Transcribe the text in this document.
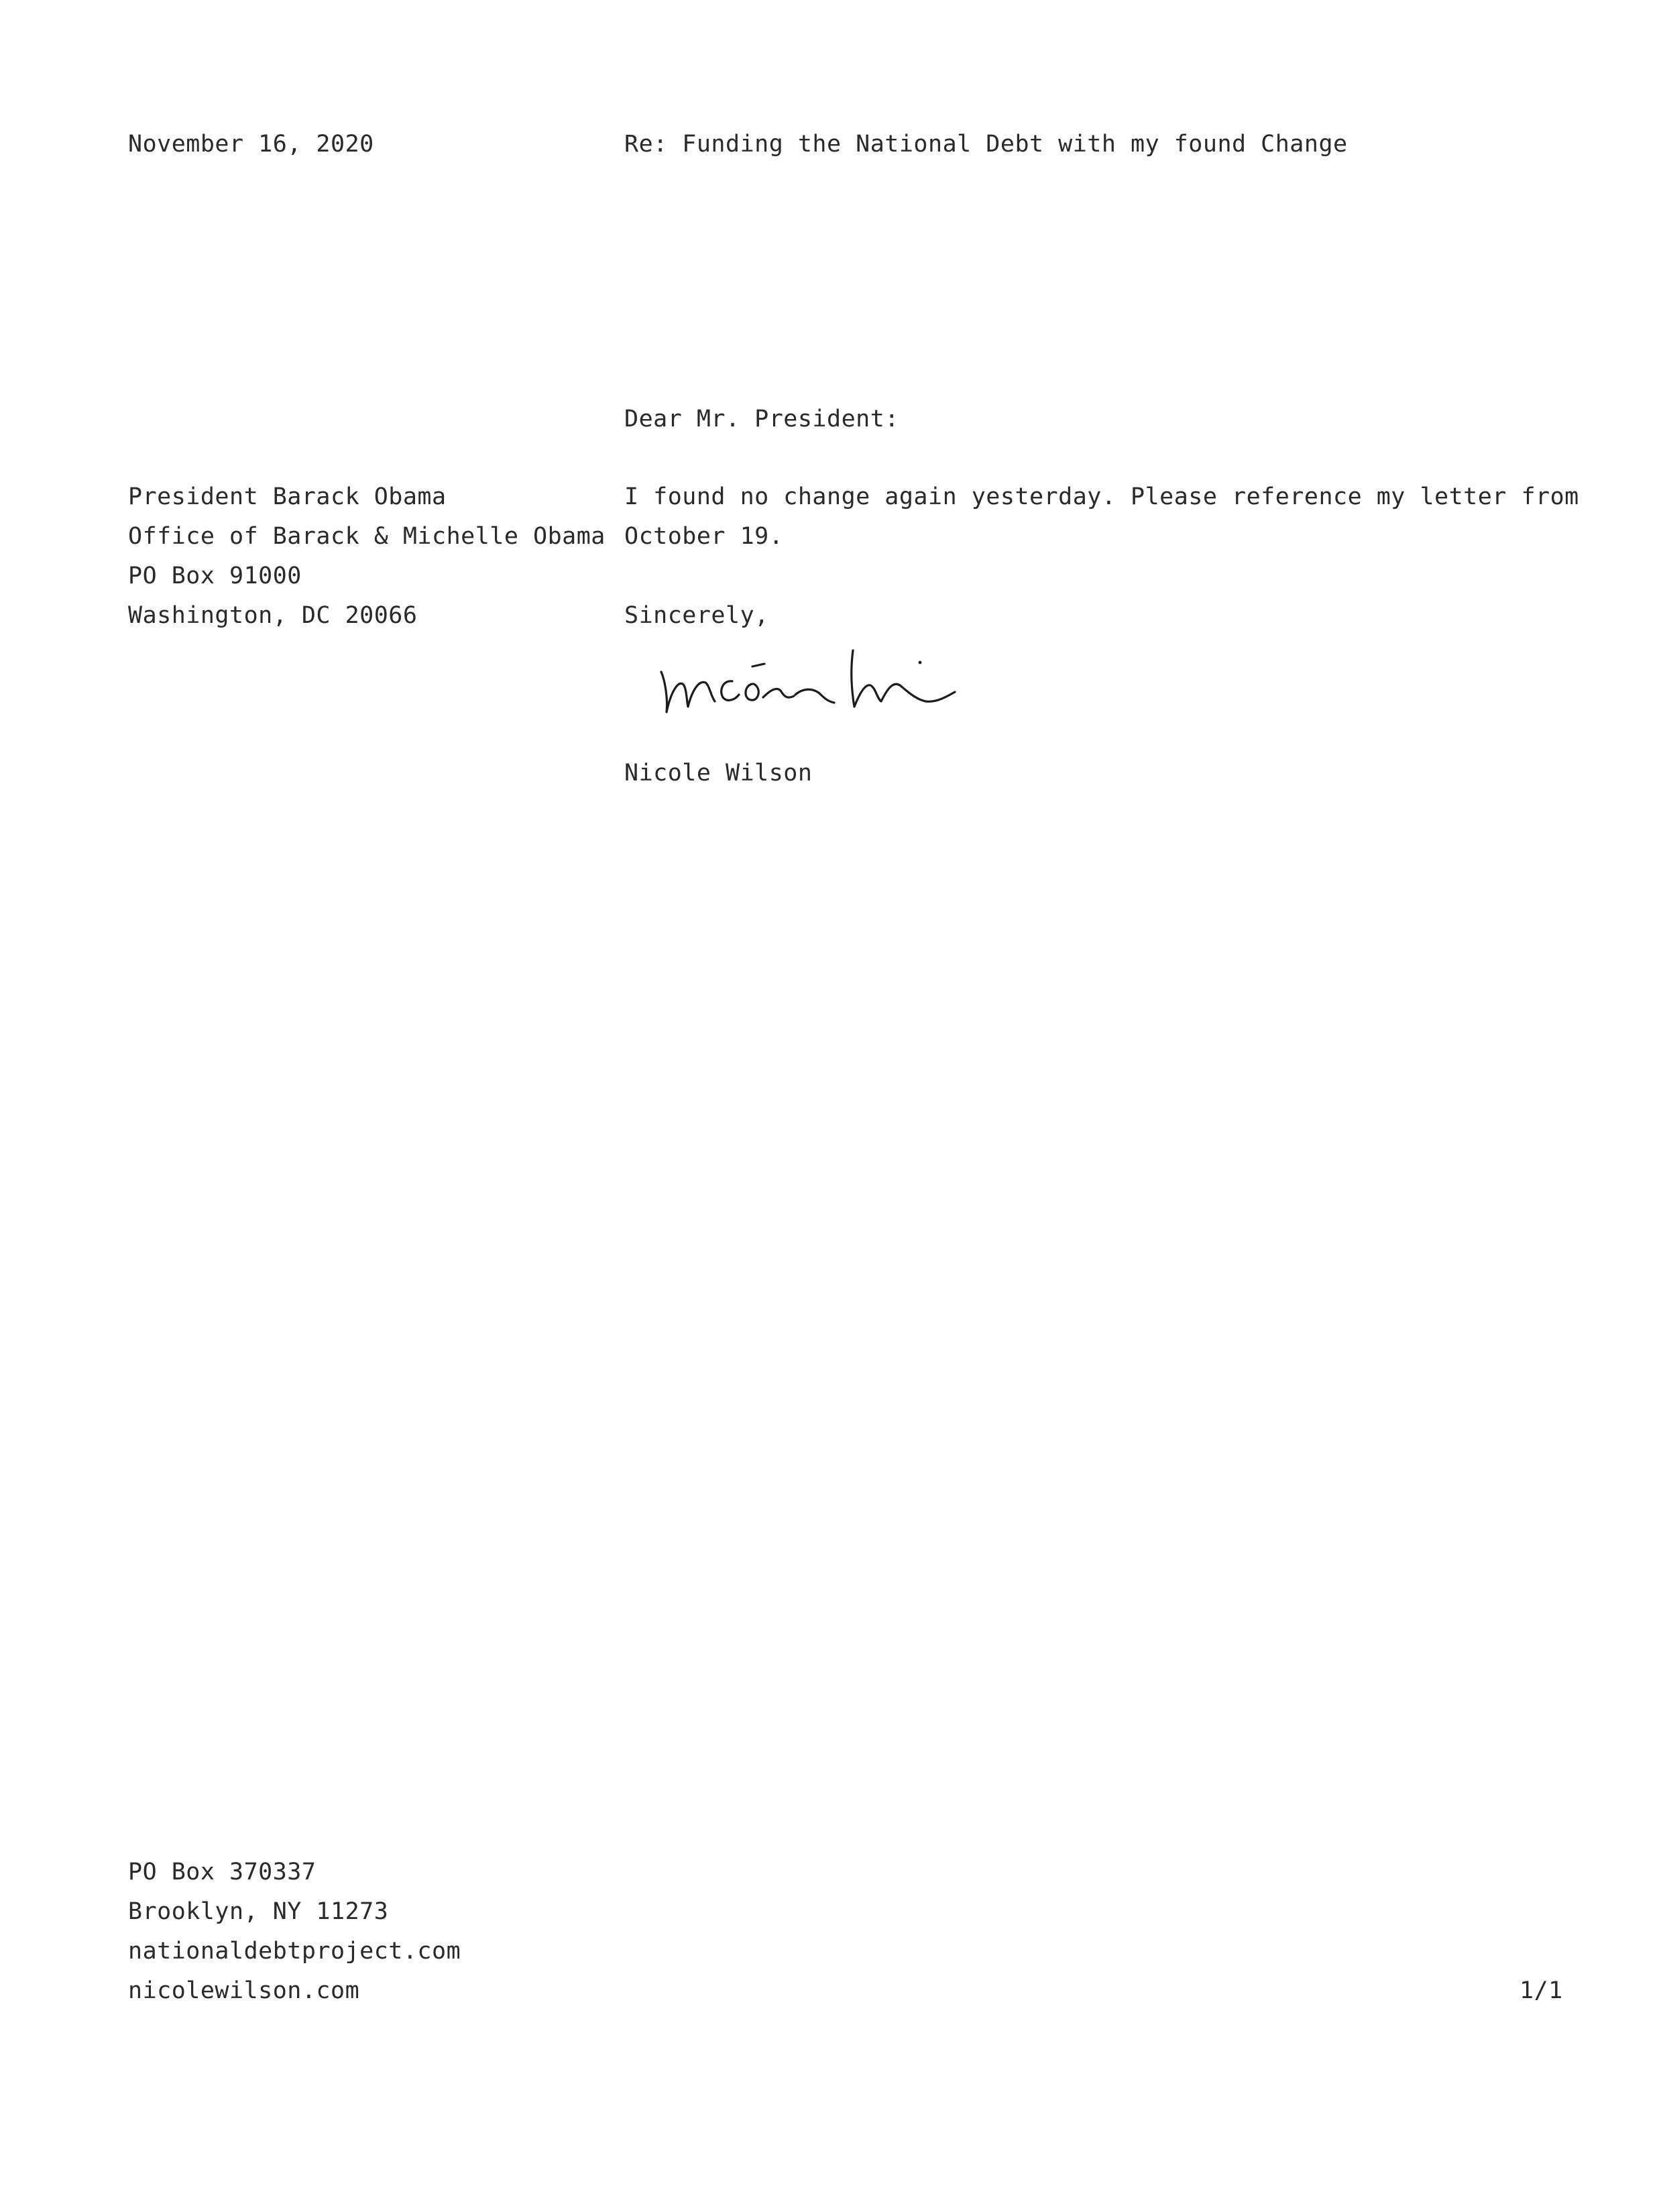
November 16, 2020	Re: Funding the National Debt with my found Change
Dear Mr. President:
President Barack Obama
Office of Barack & Michelle Obama
PO Box 91000
Washington, DC 20066
I found no change again yesterday. Please reference my letter from
October 19.
Sincerely,
Nicole Wilson
PO Box 370337
Brooklyn, NY 11273
nationaldebtproject.com
nicolewilson.com	1/1
